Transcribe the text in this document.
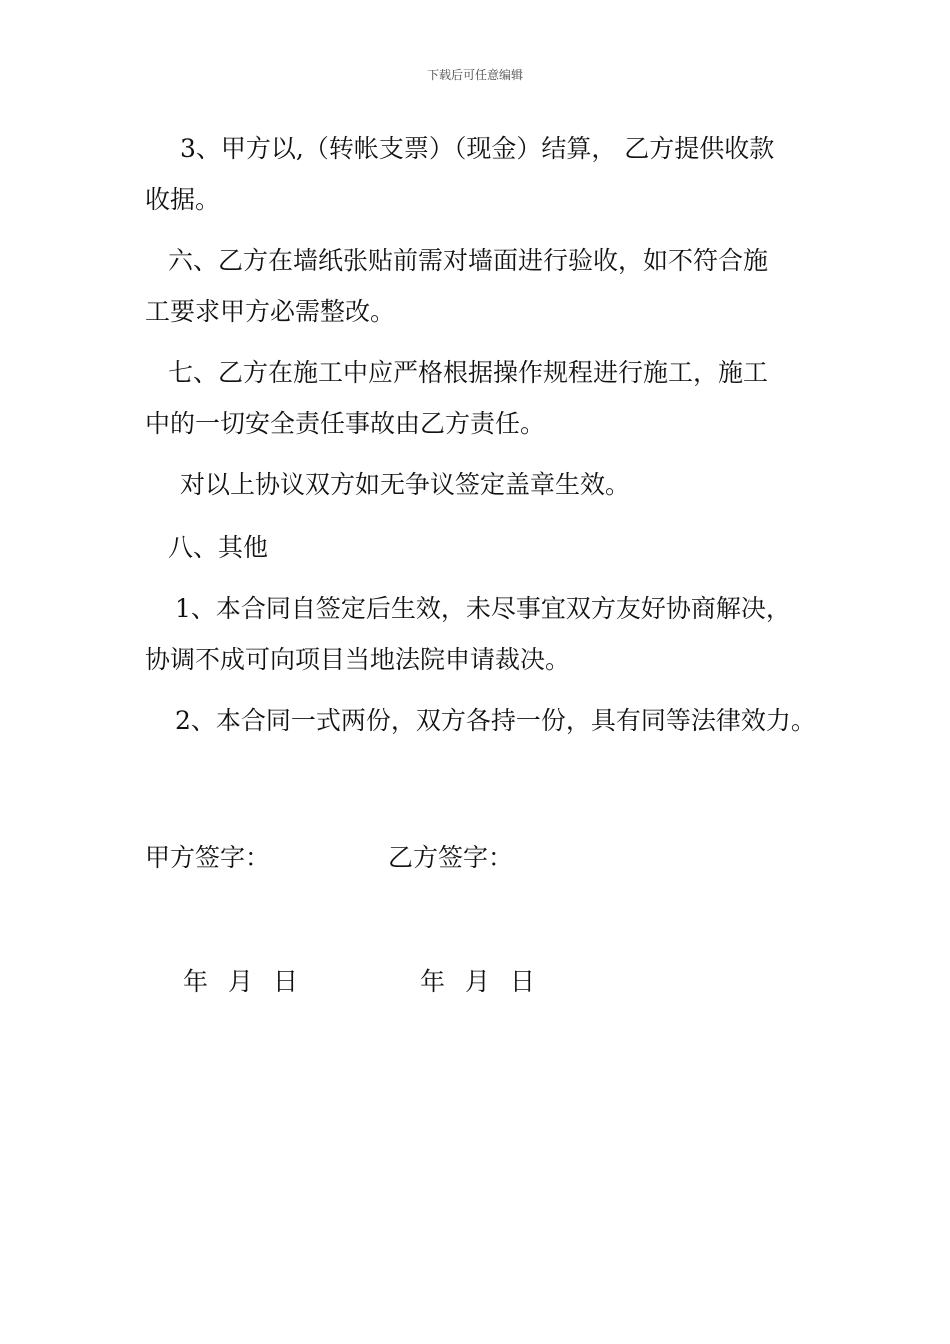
下载后可任意编辑
3、甲方以,（转帐支票）（现金）结算， 乙方提供收款
收据。
六、乙方在墙纸张贴前需对墙面进行验收，如不符合施
工要求甲方必需整改。
七、乙方在施工中应严格根据操作规程进行施工，施工
中的一切安全责任事故由乙方责任。
对以上协议双方如无争议签定盖章生效。
八、其他
1、本合同自签定后生效，未尽事宜双方友好协商解决，
协调不成可向项目当地法院申请裁决。
2、本合同一式两份，双方各持一份，具有同等法律效力。
甲方签字：	乙方签字：
年 月 日	年 月 日
